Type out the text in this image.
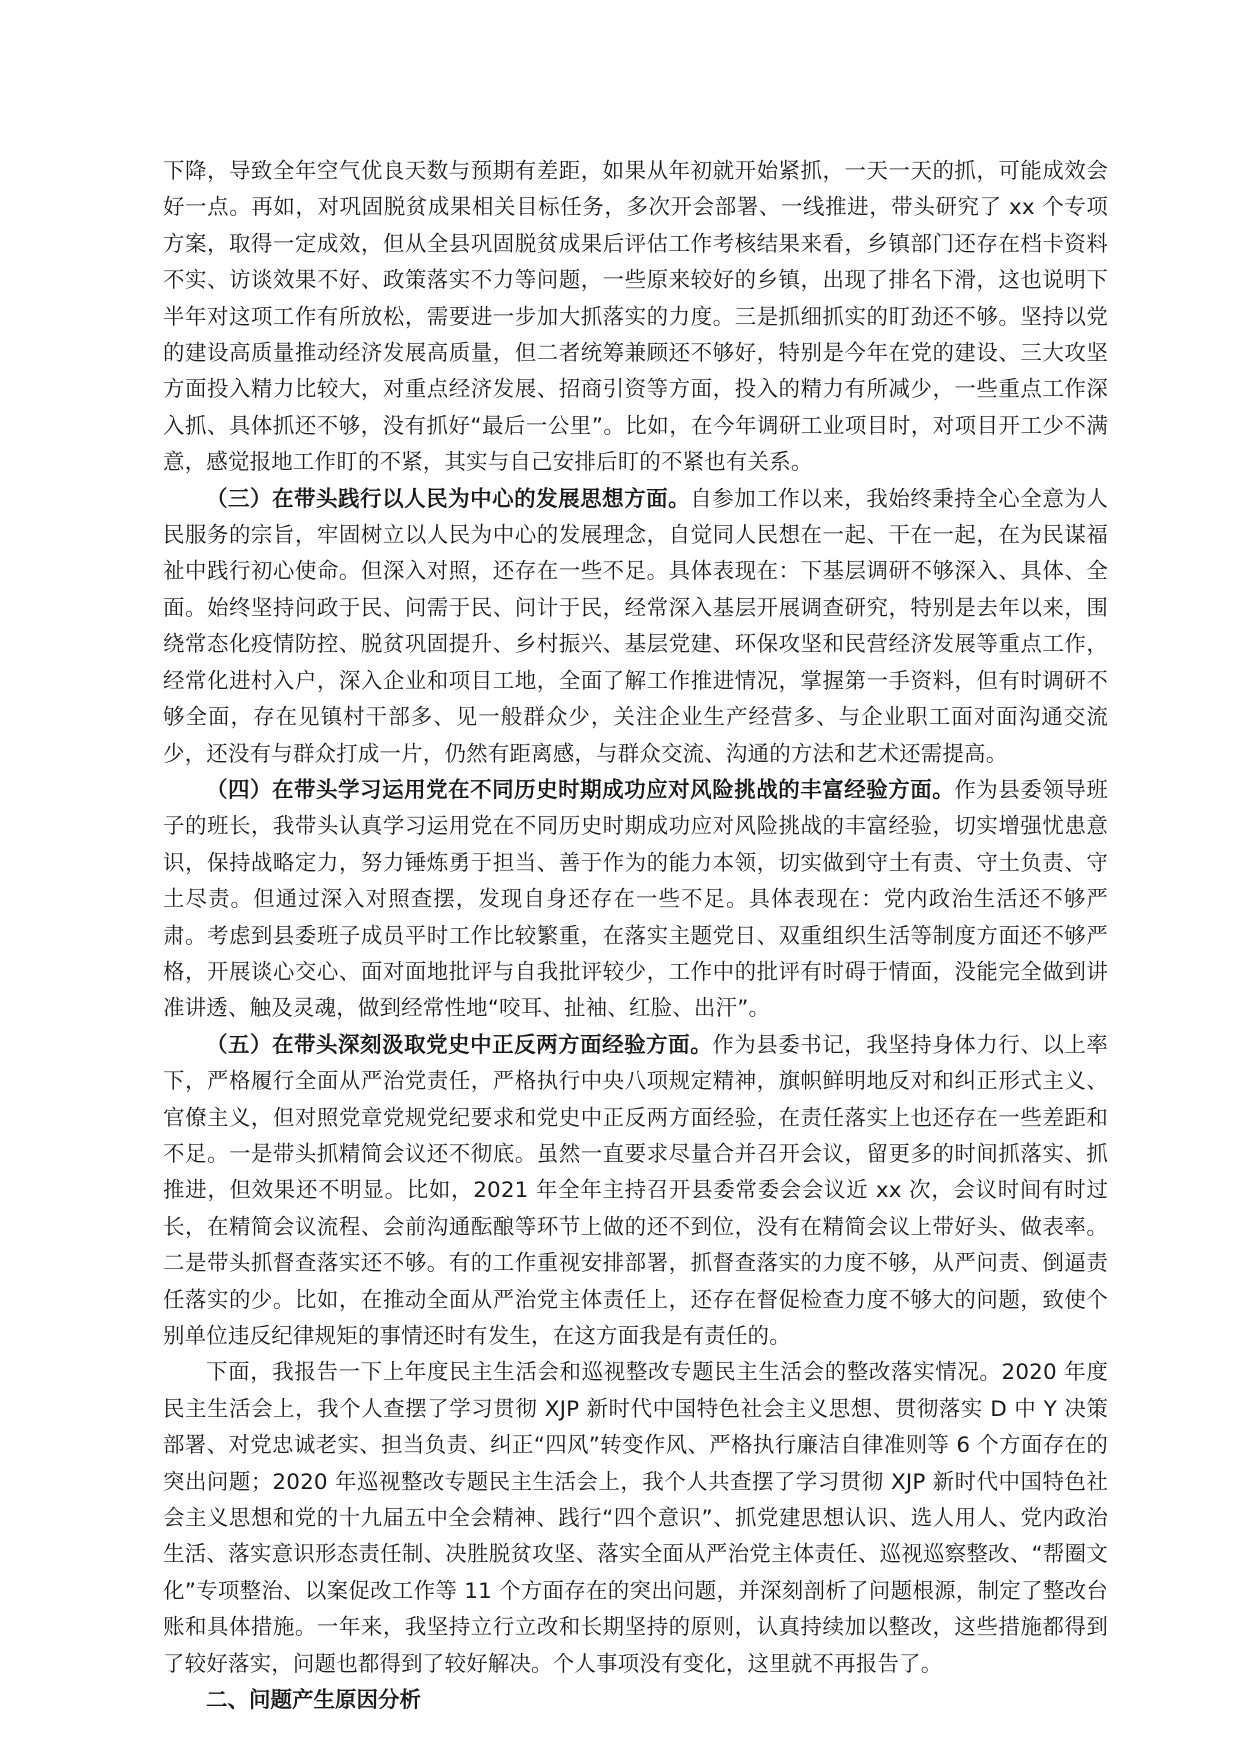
下降，导致全年空气优良天数与预期有差距，如果从年初就开始紧抓，一天一天的抓，可能成效会好一点。再如，对巩固脱贫成果相关目标任务，多次开会部署、一线推进，带头研究了 xx 个专项方案，取得一定成效，但从全县巩固脱贫成果后评估工作考核结果来看，乡镇部门还存在档卡资料不实、访谈效果不好、政策落实不力等问题，一些原来较好的乡镇，出现了排名下滑，这也说明下半年对这项工作有所放松，需要进一步加大抓落实的力度。三是抓细抓实的盯劲还不够。坚持以党的建设高质量推动经济发展高质量，但二者统筹兼顾还不够好，特别是今年在党的建设、三大攻坚方面投入精力比较大，对重点经济发展、招商引资等方面，投入的精力有所减少，一些重点工作深入抓、具体抓还不够，没有抓好“最后一公里”。比如，在今年调研工业项目时，对项目开工少不满意，感觉报地工作盯的不紧，其实与自己安排后盯的不紧也有关系。

（三）在带头践行以人民为中心的发展思想方面。自参加工作以来，我始终秉持全心全意为人民服务的宗旨，牢固树立以人民为中心的发展理念，自觉同人民想在一起、干在一起，在为民谋福祉中践行初心使命。但深入对照，还存在一些不足。具体表现在：下基层调研不够深入、具体、全面。始终坚持问政于民、问需于民、问计于民，经常深入基层开展调查研究，特别是去年以来，围绕常态化疫情防控、脱贫巩固提升、乡村振兴、基层党建、环保攻坚和民营经济发展等重点工作，经常化进村入户，深入企业和项目工地，全面了解工作推进情况，掌握第一手资料，但有时调研不够全面，存在见镇村干部多、见一般群众少，关注企业生产经营多、与企业职工面对面沟通交流少，还没有与群众打成一片，仍然有距离感，与群众交流、沟通的方法和艺术还需提高。

（四）在带头学习运用党在不同历史时期成功应对风险挑战的丰富经验方面。作为县委领导班子的班长，我带头认真学习运用党在不同历史时期成功应对风险挑战的丰富经验，切实增强忧患意识，保持战略定力，努力锤炼勇于担当、善于作为的能力本领，切实做到守土有责、守土负责、守土尽责。但通过深入对照查摆，发现自身还存在一些不足。具体表现在：党内政治生活还不够严肃。考虑到县委班子成员平时工作比较繁重，在落实主题党日、双重组织生活等制度方面还不够严格，开展谈心交心、面对面地批评与自我批评较少，工作中的批评有时碍于情面，没能完全做到讲准讲透、触及灵魂，做到经常性地“咬耳、扯袖、红脸、出汗”。

（五）在带头深刻汲取党史中正反两方面经验方面。作为县委书记，我坚持身体力行、以上率下，严格履行全面从严治党责任，严格执行中央八项规定精神，旗帜鲜明地反对和纠正形式主义、官僚主义，但对照党章党规党纪要求和党史中正反两方面经验，在责任落实上也还存在一些差距和不足。一是带头抓精简会议还不彻底。虽然一直要求尽量合并召开会议，留更多的时间抓落实、抓推进，但效果还不明显。比如，2021 年全年主持召开县委常委会会议近 xx 次，会议时间有时过长，在精简会议流程、会前沟通酝酿等环节上做的还不到位，没有在精简会议上带好头、做表率。二是带头抓督查落实还不够。有的工作重视安排部署，抓督查落实的力度不够，从严问责、倒逼责任落实的少。比如，在推动全面从严治党主体责任上，还存在督促检查力度不够大的问题，致使个别单位违反纪律规矩的事情还时有发生，在这方面我是有责任的。

下面，我报告一下上年度民主生活会和巡视整改专题民主生活会的整改落实情况。2020 年度民主生活会上，我个人查摆了学习贯彻 XJP 新时代中国特色社会主义思想、贯彻落实 D 中 Y 决策部署、对党忠诚老实、担当负责、纠正“四风”转变作风、严格执行廉洁自律准则等 6 个方面存在的突出问题；2020 年巡视整改专题民主生活会上，我个人共查摆了学习贯彻 XJP 新时代中国特色社会主义思想和党的十九届五中全会精神、践行“四个意识”、抓党建思想认识、选人用人、党内政治生活、落实意识形态责任制、决胜脱贫攻坚、落实全面从严治党主体责任、巡视巡察整改、“帮圈文化”专项整治、以案促改工作等 11 个方面存在的突出问题，并深刻剖析了问题根源，制定了整改台账和具体措施。一年来，我坚持立行立改和长期坚持的原则，认真持续加以整改，这些措施都得到了较好落实，问题也都得到了较好解决。个人事项没有变化，这里就不再报告了。

二、问题产生原因分析
